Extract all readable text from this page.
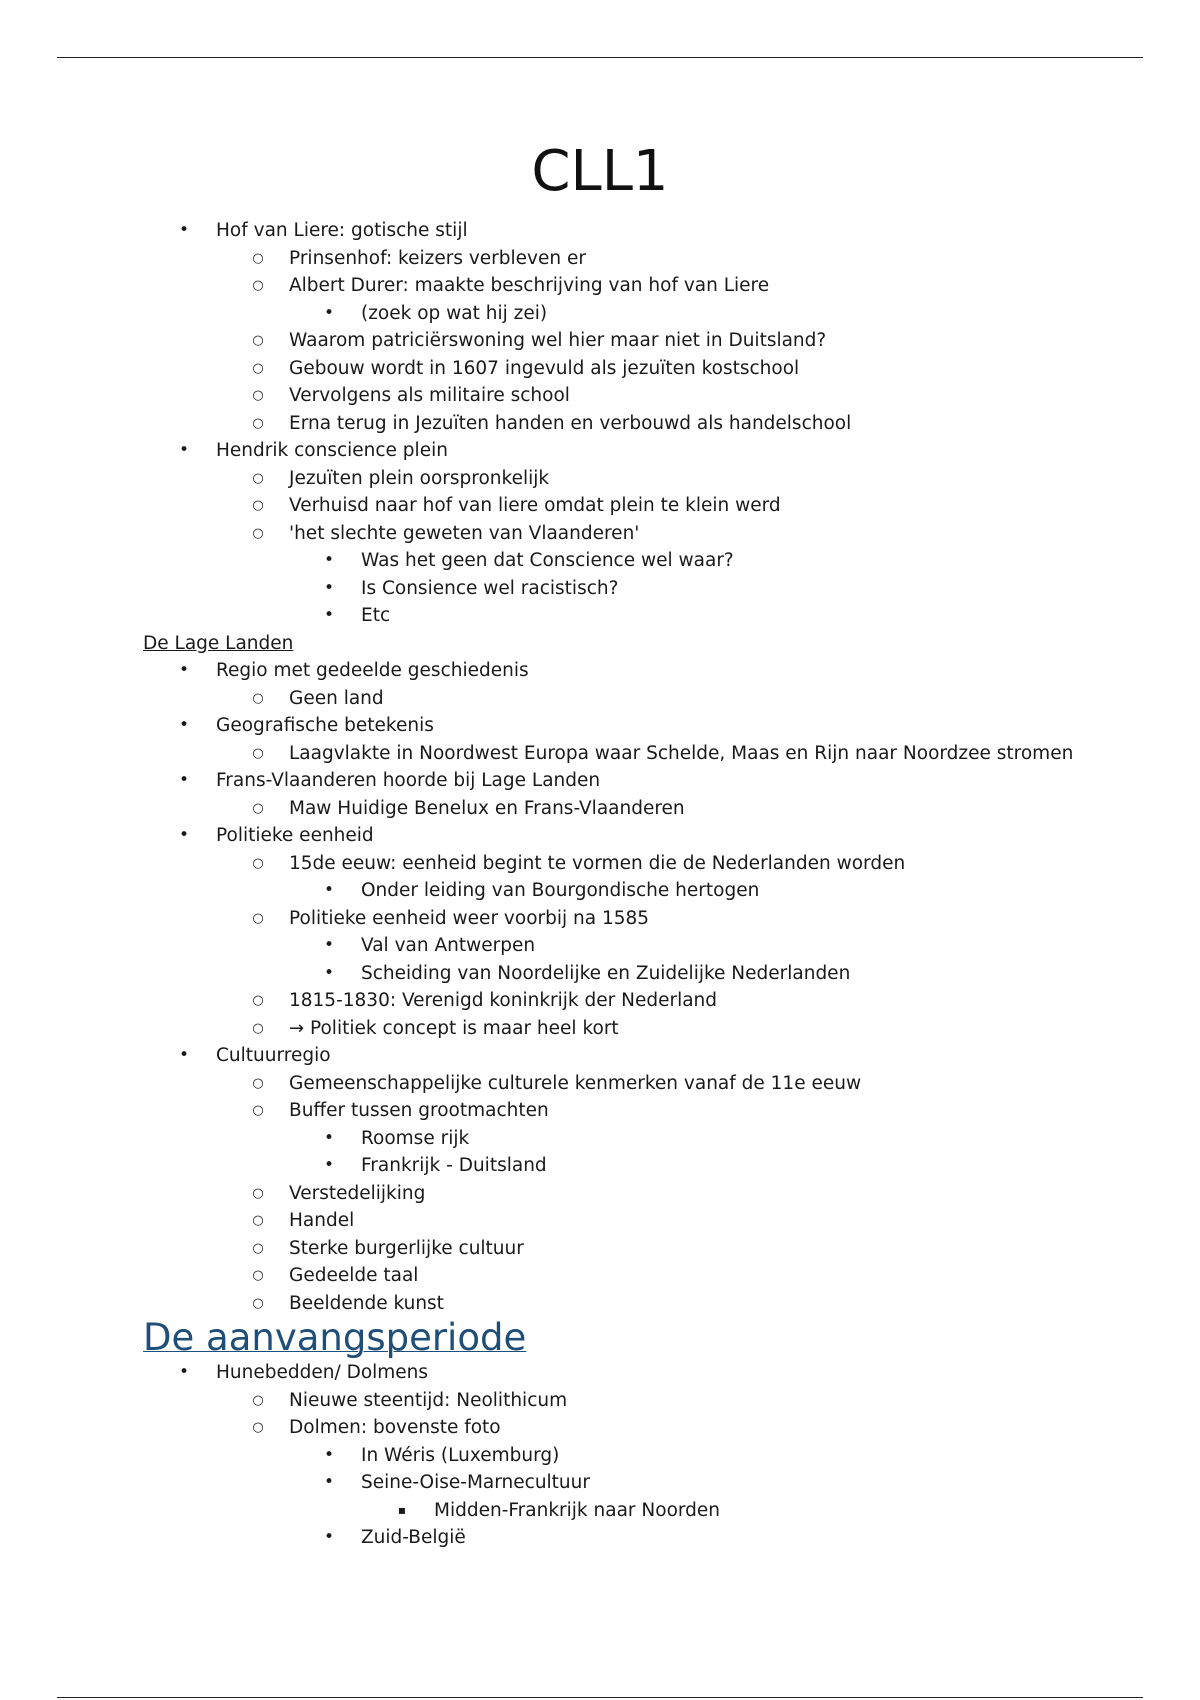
CLL1
• Hof van Liere: gotische stijl
○ Prinsenhof: keizers verbleven er
○ Albert Durer: maakte beschrijving van hof van Liere
• (zoek op wat hij zei)
○ Waarom patriciërswoning wel hier maar niet in Duitsland?
○ Gebouw wordt in 1607 ingevuld als jezuïten kostschool
○ Vervolgens als militaire school
○ Erna terug in Jezuïten handen en verbouwd als handelschool
• Hendrik conscience plein
○ Jezuïten plein oorspronkelijk
○ Verhuisd naar hof van liere omdat plein te klein werd
○ 'het slechte geweten van Vlaanderen'
• Was het geen dat Conscience wel waar?
• Is Consience wel racistisch?
• Etc
De Lage Landen
• Regio met gedeelde geschiedenis
○ Geen land
• Geografische betekenis
○ Laagvlakte in Noordwest Europa waar Schelde, Maas en Rijn naar Noordzee stromen
• Frans-Vlaanderen hoorde bij Lage Landen
○ Maw Huidige Benelux en Frans-Vlaanderen
• Politieke eenheid
○ 15de eeuw: eenheid begint te vormen die de Nederlanden worden
• Onder leiding van Bourgondische hertogen
○ Politieke eenheid weer voorbij na 1585
• Val van Antwerpen
• Scheiding van Noordelijke en Zuidelijke Nederlanden
○ 1815-1830: Verenigd koninkrijk der Nederland
○ → Politiek concept is maar heel kort
• Cultuurregio
○ Gemeenschappelijke culturele kenmerken vanaf de 11e eeuw
○ Buffer tussen grootmachten
• Roomse rijk
• Frankrijk - Duitsland
○ Verstedelijking
○ Handel
○ Sterke burgerlijke cultuur
○ Gedeelde taal
○ Beeldende kunst
De aanvangsperiode
• Hunebedden/ Dolmens
○ Nieuwe steentijd: Neolithicum
○ Dolmen: bovenste foto
• In Wéris (Luxemburg)
• Seine-Oise-Marnecultuur
▪	Midden-Frankrijk naar Noorden
• Zuid-België
